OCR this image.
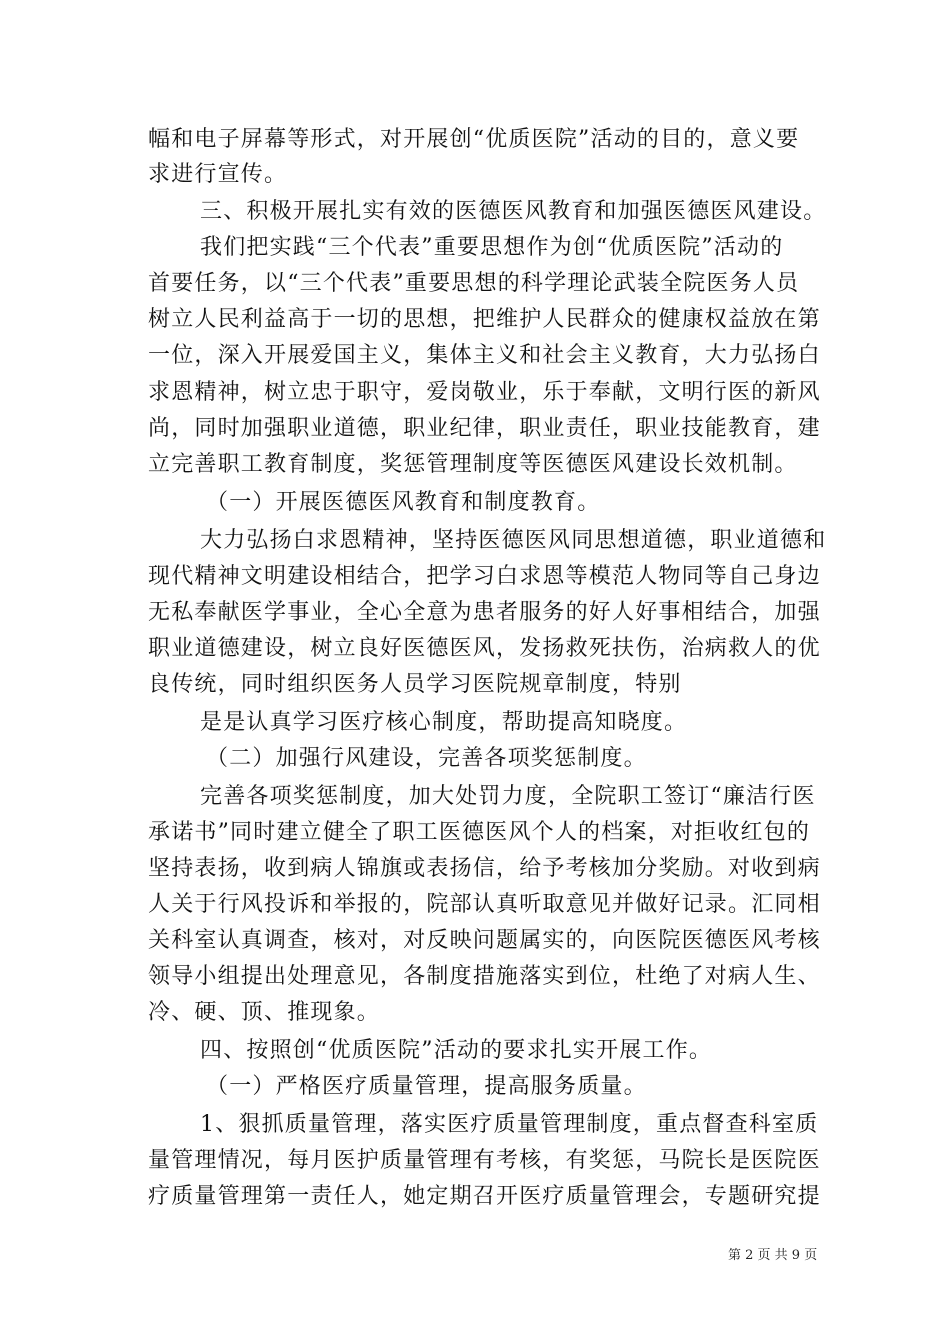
幅和电子屏幕等形式，对开展创“优质医院”活动的目的，意义要
求进行宣传。
三、积极开展扎实有效的医德医风教育和加强医德医风建设。
我们把实践“三个代表”重要思想作为创“优质医院”活动的
首要任务，以“三个代表”重要思想的科学理论武装全院医务人员
树立人民利益高于一切的思想，把维护人民群众的健康权益放在第
一位，深入开展爱国主义，集体主义和社会主义教育，大力弘扬白
求恩精神，树立忠于职守，爱岗敬业，乐于奉献，文明行医的新风
尚，同时加强职业道德，职业纪律，职业责任，职业技能教育，建
立完善职工教育制度，奖惩管理制度等医德医风建设长效机制。
（一）开展医德医风教育和制度教育。
大力弘扬白求恩精神，坚持医德医风同思想道德，职业道德和
现代精神文明建设相结合，把学习白求恩等模范人物同等自己身边
无私奉献医学事业，全心全意为患者服务的好人好事相结合，加强
职业道德建设，树立良好医德医风，发扬救死扶伤，治病救人的优
良传统，同时组织医务人员学习医院规章制度，特别
是是认真学习医疗核心制度，帮助提高知晓度。
（二）加强行风建设，完善各项奖惩制度。
完善各项奖惩制度，加大处罚力度，全院职工签订“廉洁行医
承诺书”同时建立健全了职工医德医风个人的档案，对拒收红包的
坚持表扬，收到病人锦旗或表扬信，给予考核加分奖励。对收到病
人关于行风投诉和举报的，院部认真听取意见并做好记录。汇同相
关科室认真调查，核对，对反映问题属实的，向医院医德医风考核
领导小组提出处理意见，各制度措施落实到位，杜绝了对病人生、
冷、硬、顶、推现象。
四、按照创“优质医院”活动的要求扎实开展工作。
（一）严格医疗质量管理，提高服务质量。
1、狠抓质量管理，落实医疗质量管理制度，重点督查科室质
量管理情况，每月医护质量管理有考核，有奖惩，马院长是医院医
疗质量管理第一责任人，她定期召开医疗质量管理会，专题研究提
第 2 页 共 9 页
